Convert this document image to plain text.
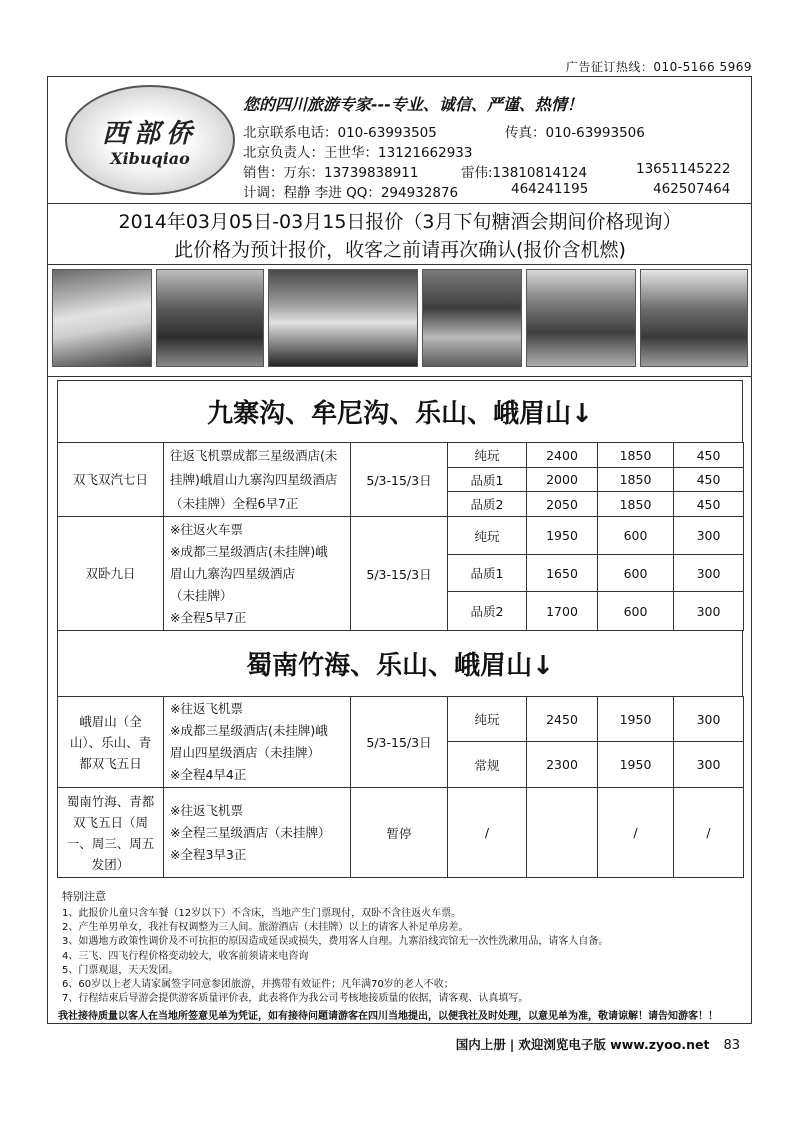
广告征订热线：010-5166 5969
西部侨
Xibuqiao
您的四川旅游专家---专业、诚信、严谨、热情！
北京联系电话：010-63993505	传真：010-63993506
北京负责人：王世华：13121662933
销售：万东：13739838911	雷伟:13810814124	13651145222
计调：程静 李进 QQ：294932876	464241195	462507464
2014年03月05日-03月15日报价（3月下旬糖酒会期间价格现询）
此价格为预计报价，收客之前请再次确认(报价含机燃)
九寨沟、牟尼沟、乐山、峨眉山↓
双飞双汽七日	往返飞机票成都三星级酒店(未挂牌)峨眉山九寨沟四星级酒店（未挂牌）全程6早7正	5/3-15/3日	纯玩	2400	1850	450
			品质1	2000	1850	450
			品质2	2050	1850	450
双卧九日	※往返火车票
※成都三星级酒店(未挂牌)峨
眉山九寨沟四星级酒店
（未挂牌）
※全程5早7正	5/3-15/3日	纯玩	1950	600	300
			品质1	1650	600	300
			品质2	1700	600	300
蜀南竹海、乐山、峨眉山↓
峨眉山（全山）、乐山、青都双飞五日	※往返飞机票
※成都三星级酒店(未挂牌)峨
眉山四星级酒店（未挂牌）
※全程4早4正	5/3-15/3日	纯玩	2450	1950	300
			常规	2300	1950	300
蜀南竹海、青都双飞五日（周一、周三、周五发团）	※往返飞机票
※全程三星级酒店（未挂牌）
※全程3早3正	暂停	/		/	/
特别注意
1、此报价儿童只含车餐（12岁以下）不含床，当地产生门票现付，双卧不含往返火车票。
2、产生单男单女，我社有权调整为三人间。旅游酒店（未挂牌）以上的请客人补足单房差。
3、如遇地方政策性调价及不可抗拒的原因造成延误或损失，费用客人自理。九寨沿线宾馆无一次性洗漱用品，请客人自备。
4、三飞、四飞行程价格变动较大，收客前须请来电咨询
5、门票观退，天天发团。
6、60岁以上老人请家属签字同意参团旅游，并携带有效证件；凡年满70岁的老人不收；
7、行程结束后导游会提供游客质量评价表，此表将作为我公司考核地接质量的依据，请客观、认真填写。
我社接待质量以客人在当地所签意见单为凭证，如有接待问题请游客在四川当地提出，以便我社及时处理，以意见单为准，敬请谅解！请告知游客！！
国内上册 | 欢迎浏览电子版 www.zyoo.net 83
